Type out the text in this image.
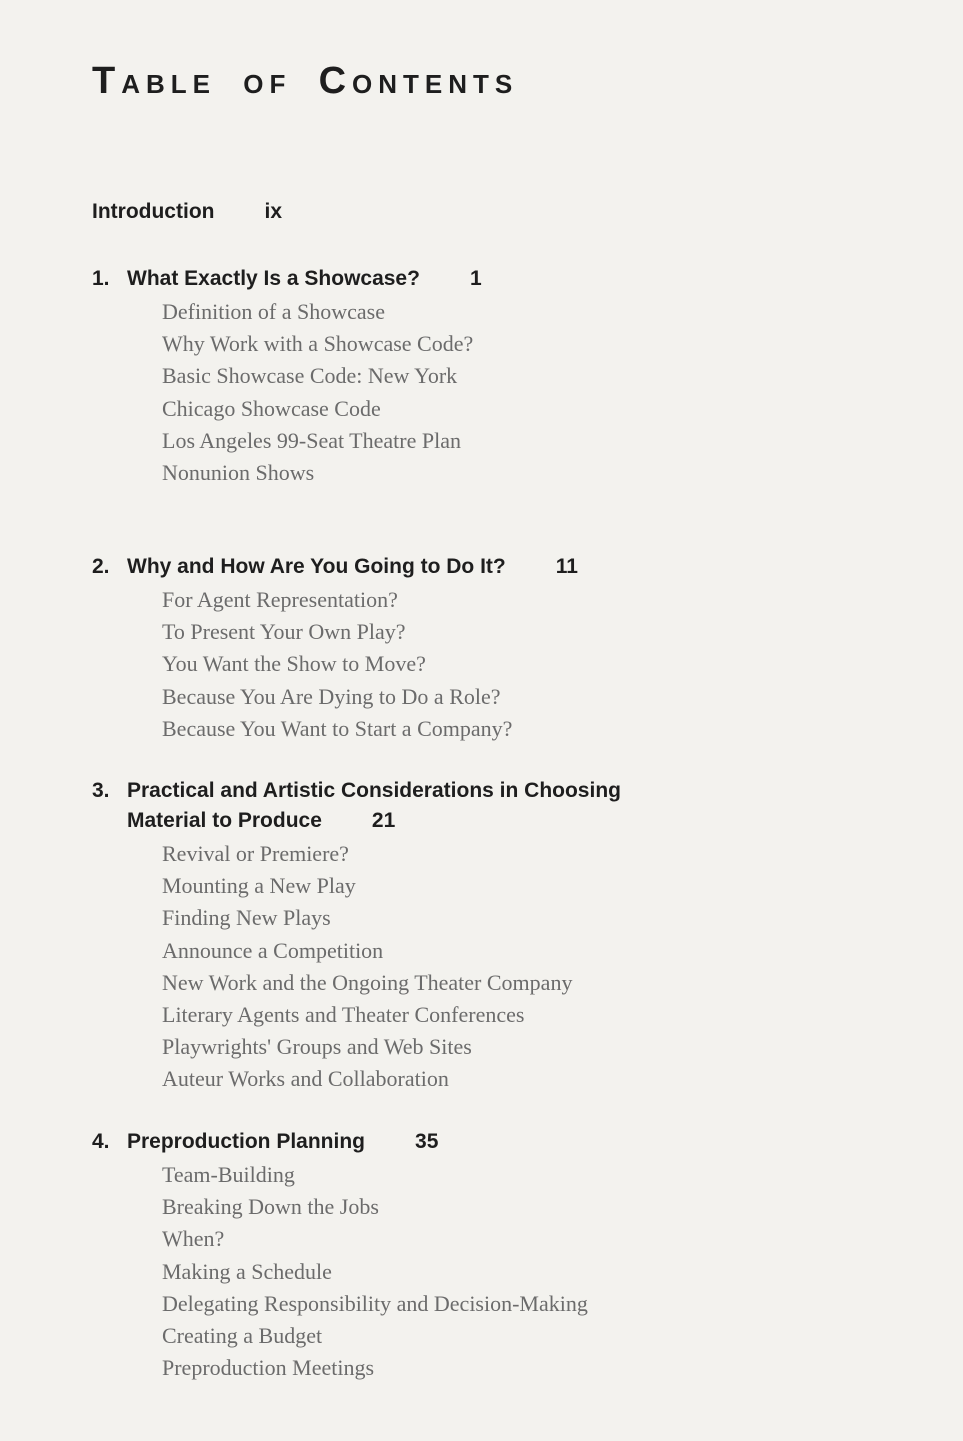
TABLE OF CONTENTS
Introduction ix
1. What Exactly Is a Showcase? 1
Definition of a Showcase
Why Work with a Showcase Code?
Basic Showcase Code: New York
Chicago Showcase Code
Los Angeles 99-Seat Theatre Plan
Nonunion Shows
2. Why and How Are You Going to Do It? 11
For Agent Representation?
To Present Your Own Play?
You Want the Show to Move?
Because You Are Dying to Do a Role?
Because You Want to Start a Company?
3. Practical and Artistic Considerations in Choosing
Material to Produce 21
Revival or Premiere?
Mounting a New Play
Finding New Plays
Announce a Competition
New Work and the Ongoing Theater Company
Literary Agents and Theater Conferences
Playwrights' Groups and Web Sites
Auteur Works and Collaboration
4. Preproduction Planning 35
Team-Building
Breaking Down the Jobs
When?
Making a Schedule
Delegating Responsibility and Decision-Making
Creating a Budget
Preproduction Meetings
